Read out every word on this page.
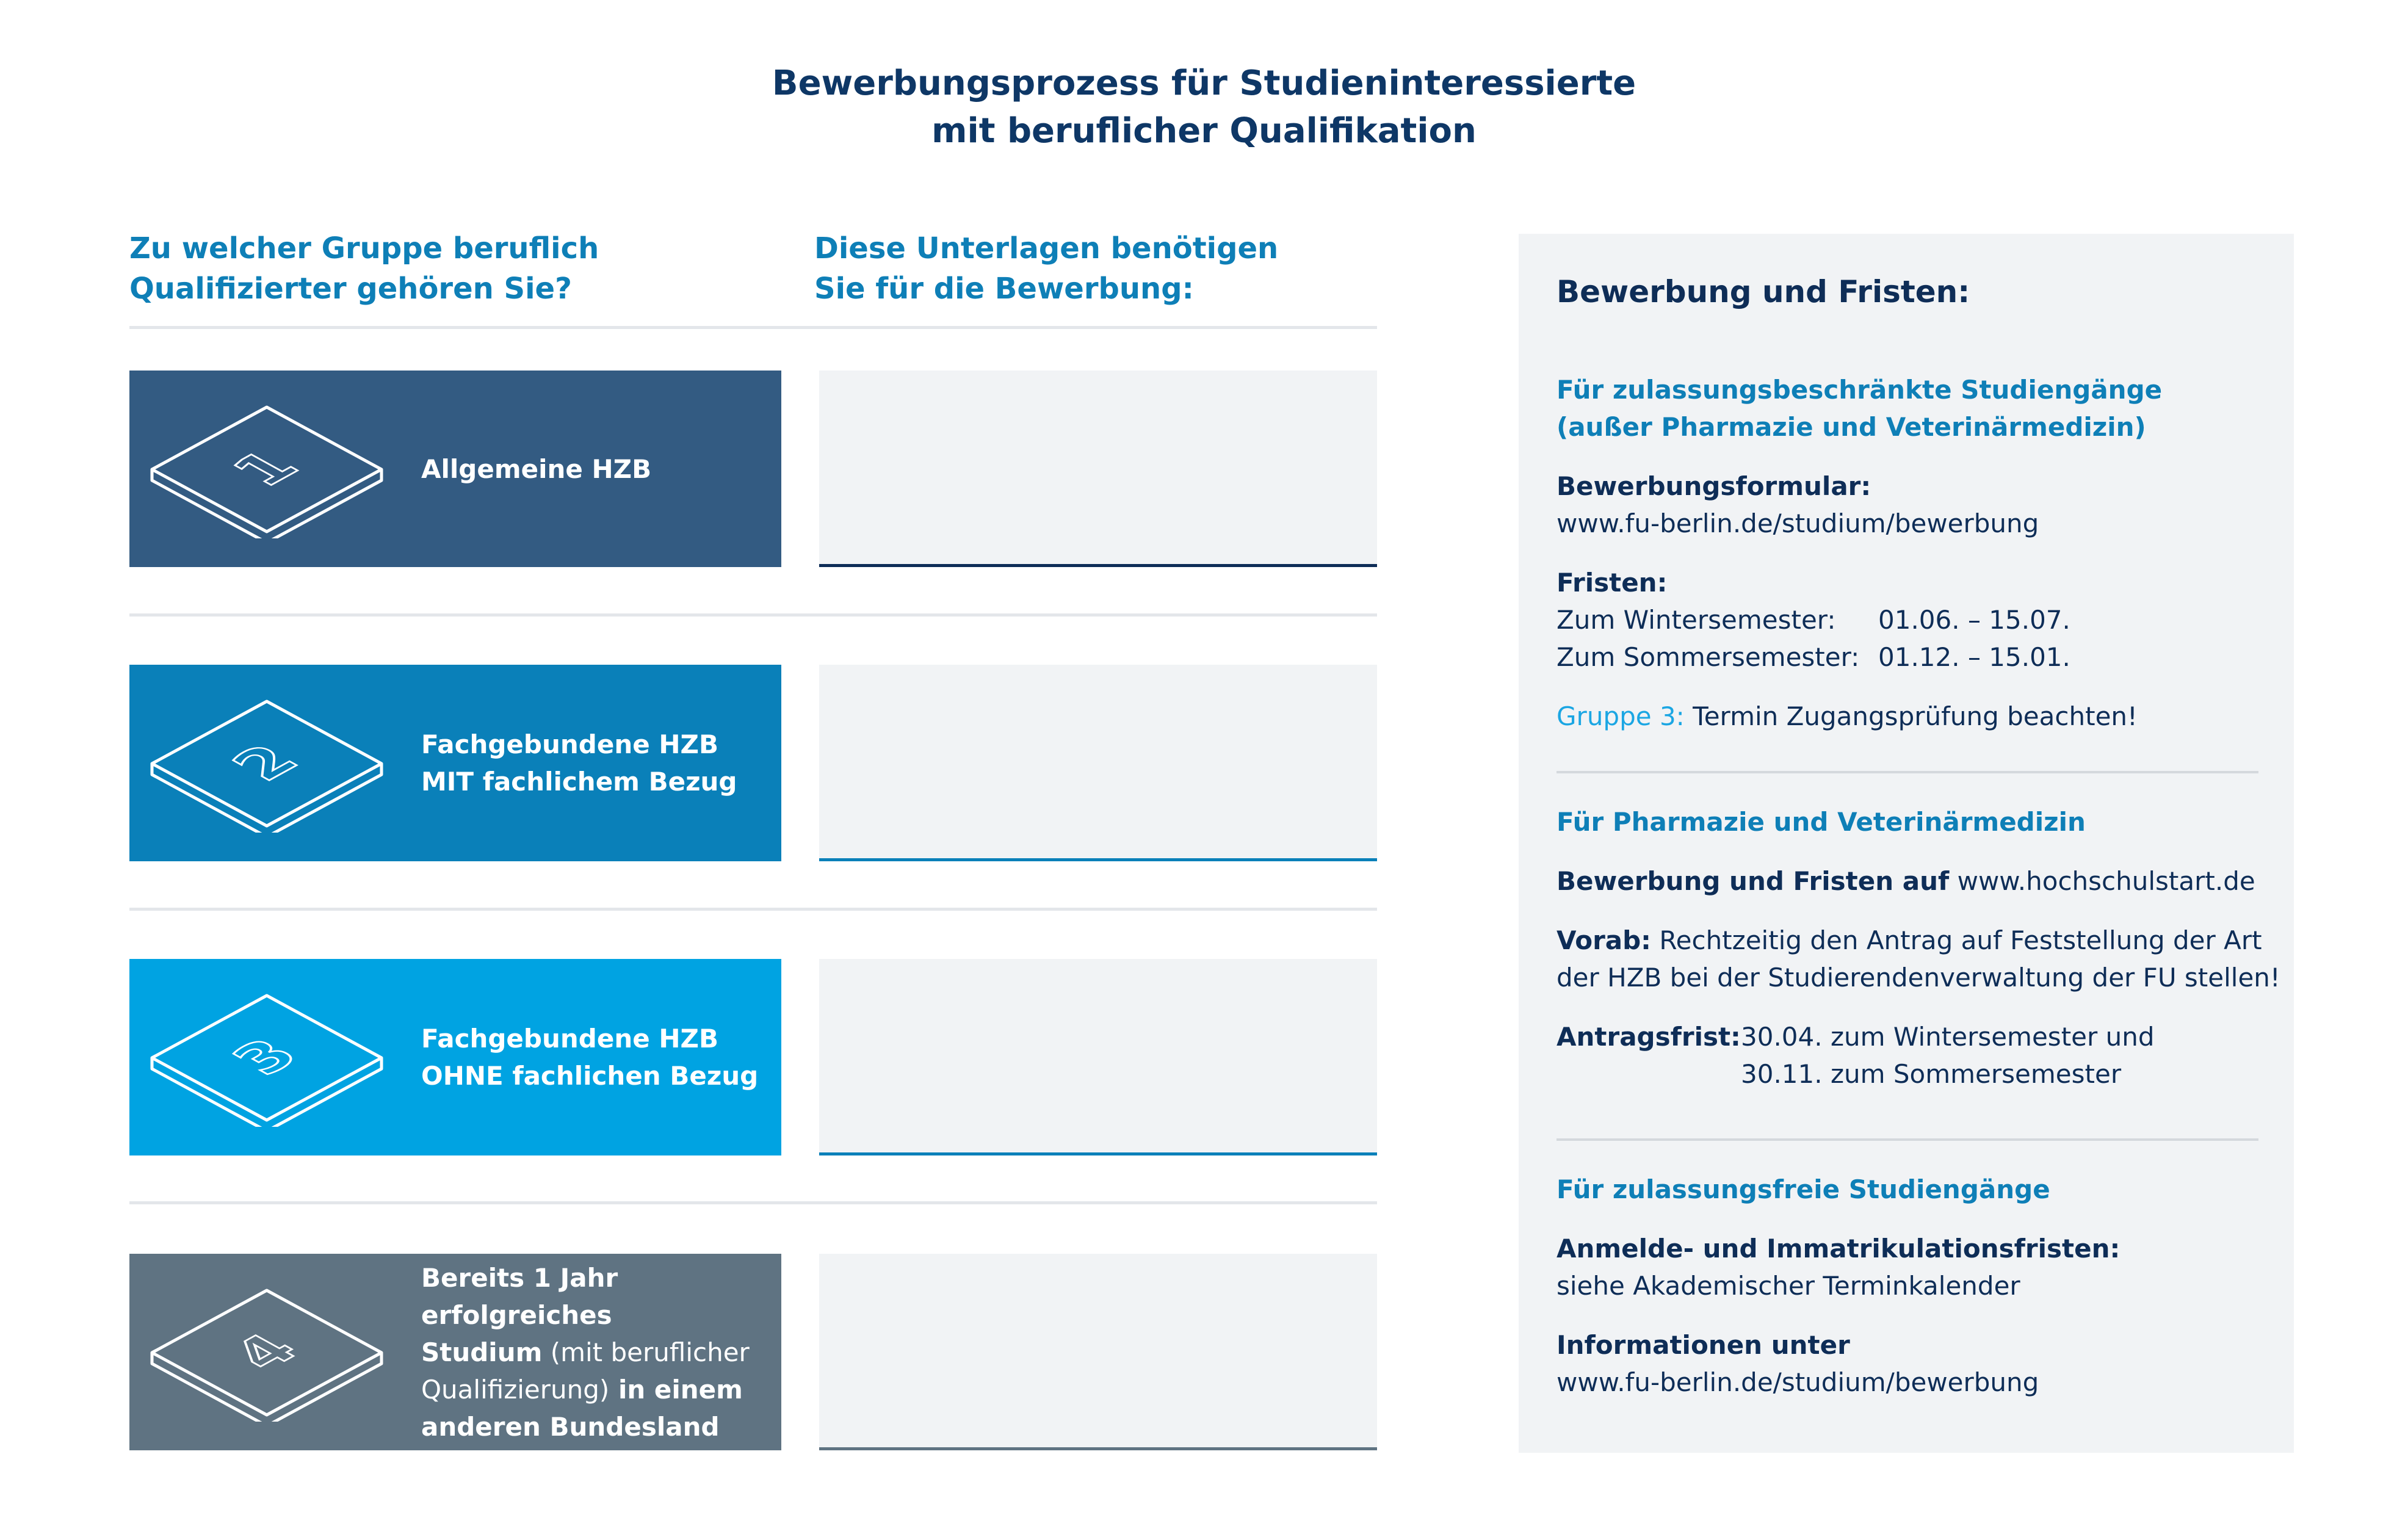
Bewerbungsprozess für Studieninteressierte
mit beruflicher Qualifikation
Zu welcher Gruppe beruflich
Qualifizierter gehören Sie?
Diese Unterlagen benötigen
Sie für die Bewerbung:
1	Allgemeine HZB
2	Fachgebundene HZB
MIT fachlichem Bezug
3	Fachgebundene HZB
OHNE fachlichen Bezug
4
Bereits 1 Jahr erfolgreiches
Studium (mit beruflicher
Qualifizierung) in einem
anderen Bundesland
Bewerbung und Fristen:
Für zulassungsbeschränkte Studiengänge
(außer Pharmazie und Veterinärmedizin)
Bewerbungsformular:
www.fu-berlin.de/studium/bewerbung
Fristen:
Zum Wintersemester: 01.06. – 15.07.
Zum Sommersemester: 01.12. – 15.01.
Gruppe 3: Termin Zugangsprüfung beachten!
Für Pharmazie und Veterinärmedizin
Bewerbung und Fristen auf www.hochschulstart.de
Vorab: Rechtzeitig den Antrag auf Feststellung der Art
der HZB bei der Studierendenverwaltung der FU stellen!
Antragsfrist:30.04. zum Wintersemester und
30.11. zum Sommersemester
Für zulassungsfreie Studiengänge
Anmelde- und Immatrikulationsfristen:
siehe Akademischer Terminkalender
Informationen unter
www.fu-berlin.de/studium/bewerbung
